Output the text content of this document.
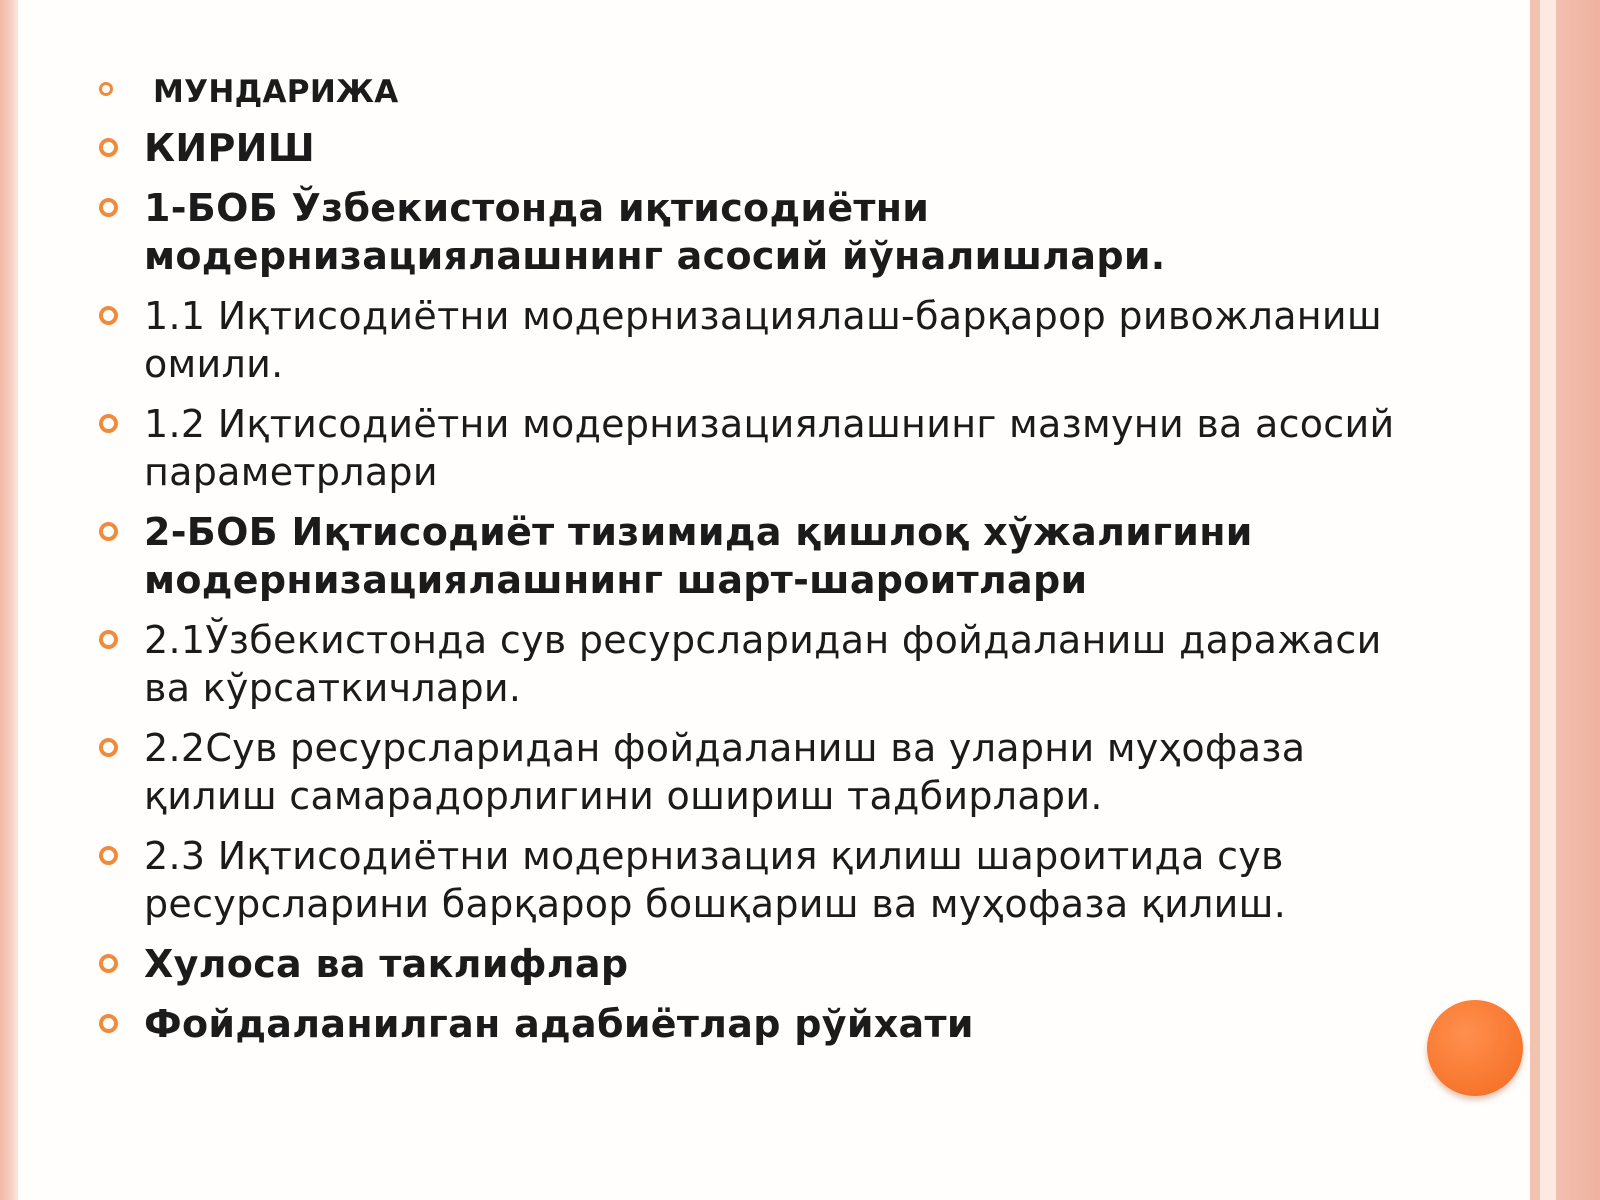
МУНДАРИЖА
КИРИШ
1-БОБ Ўзбекистонда иқтисодиётни модернизациялашнинг асосий йўналишлари.
1.1 Иқтисодиётни модернизациялаш-барқарор ривожланиш омили.
1.2 Иқтисодиётни модернизациялашнинг мазмуни ва асосий параметрлари
2-БОБ Иқтисодиёт тизимида қишлоқ хўжалигини модернизациялашнинг шарт-шароитлари
2.1Ўзбекистонда сув ресурсларидан фойдаланиш даражаси ва кўрсаткичлари.
2.2Сув ресурсларидан фойдаланиш ва уларни муҳофаза қилиш самарадорлигини ошириш тадбирлари.
2.3 Иқтисодиётни модернизация қилиш шароитида сув ресурсларини барқарор бошқариш ва муҳофаза қилиш.
Хулоса ва таклифлар
Фойдаланилган адабиётлар рўйхати
